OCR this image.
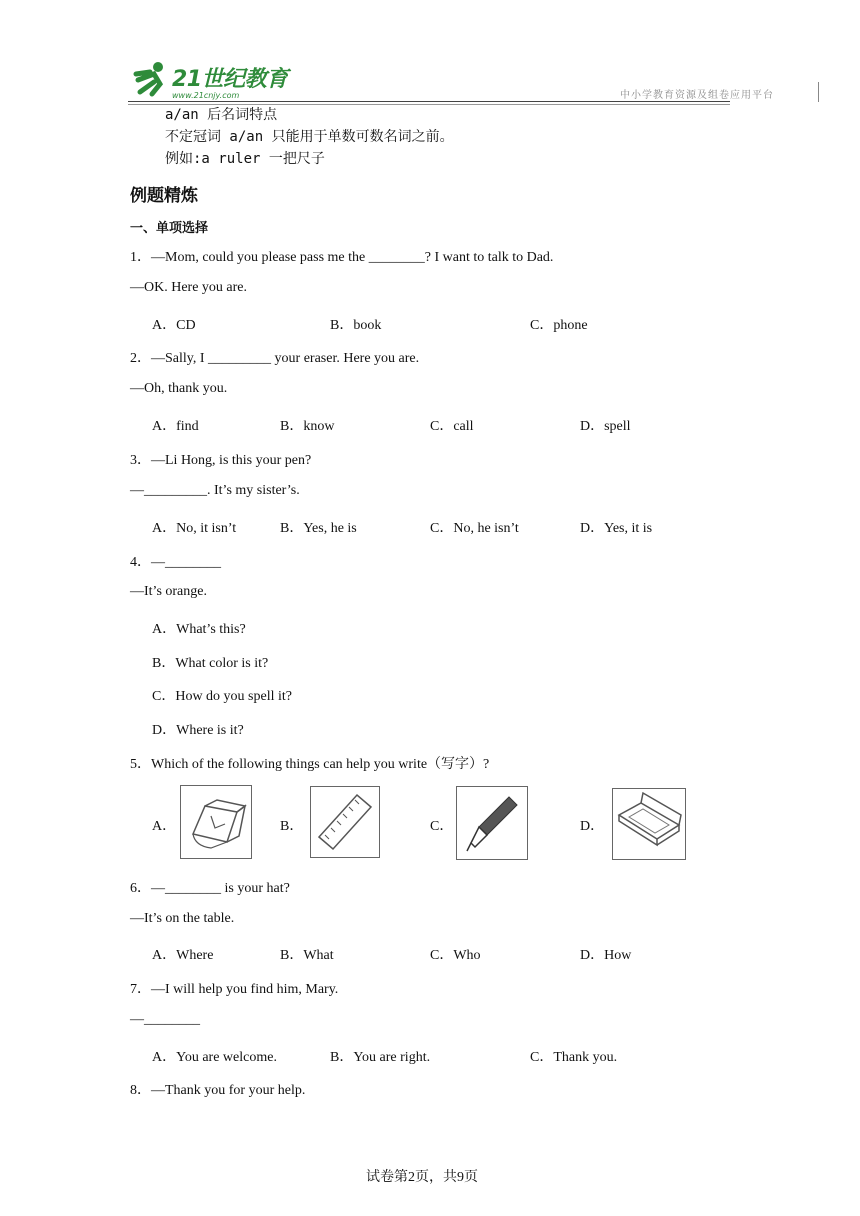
21世纪教育
www.21cnjy.com	中小学教育资源及组卷应用平台
a/an 后名词特点
不定冠词 a/an 只能用于单数可数名词之前。
例如:a ruler 一把尺子
例题精炼
一、单项选择
1．—Mom, could you please pass me the ________? I want to talk to Dad.
—OK. Here you are.
A．CD	B．book	C．phone
2．—Sally, I _________ your eraser. Here you are.
—Oh, thank you.
A．find	B．know	C．call	D．spell
3．—Li Hong, is this your pen?
—_________. It’s my sister’s.
A．No, it isn’t	B．Yes, he is	C．No, he isn’t	D．Yes, it is
4．—________
—It’s orange.
A．What’s this?
B．What color is it?
C．How do you spell it?
D．Where is it?
5．Which of the following things can help you write（写字）?
A．	B．	C．	D．
6．—________ is your hat?
—It’s on the table.
A．Where	B．What	C．Who	D．How
7．—I will help you find him, Mary.
—________
A．You are welcome.	B．You are right.	C．Thank you.
8．—Thank you for your help.
试卷第2页，共9页
